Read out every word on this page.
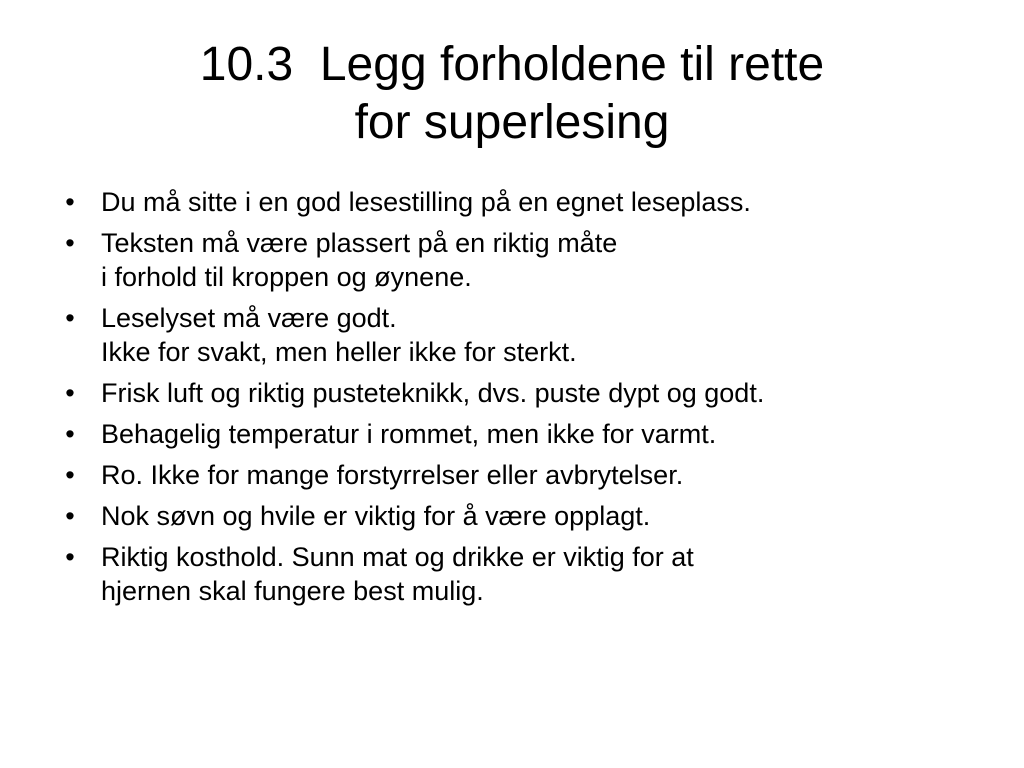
10.3  Legg forholdene til rette
for superlesing
• Du må sitte i en god lesestilling på en egnet leseplass.
• Teksten må være plassert på en riktig måte
i forhold til kroppen og øynene.
• Leselyset må være godt.
Ikke for svakt, men heller ikke for sterkt.
• Frisk luft og riktig pusteteknikk, dvs. puste dypt og godt.
• Behagelig temperatur i rommet, men ikke for varmt.
• Ro. Ikke for mange forstyrrelser eller avbrytelser.
• Nok søvn og hvile er viktig for å være opplagt.
• Riktig kosthold. Sunn mat og drikke er viktig for at
hjernen skal fungere best mulig.
